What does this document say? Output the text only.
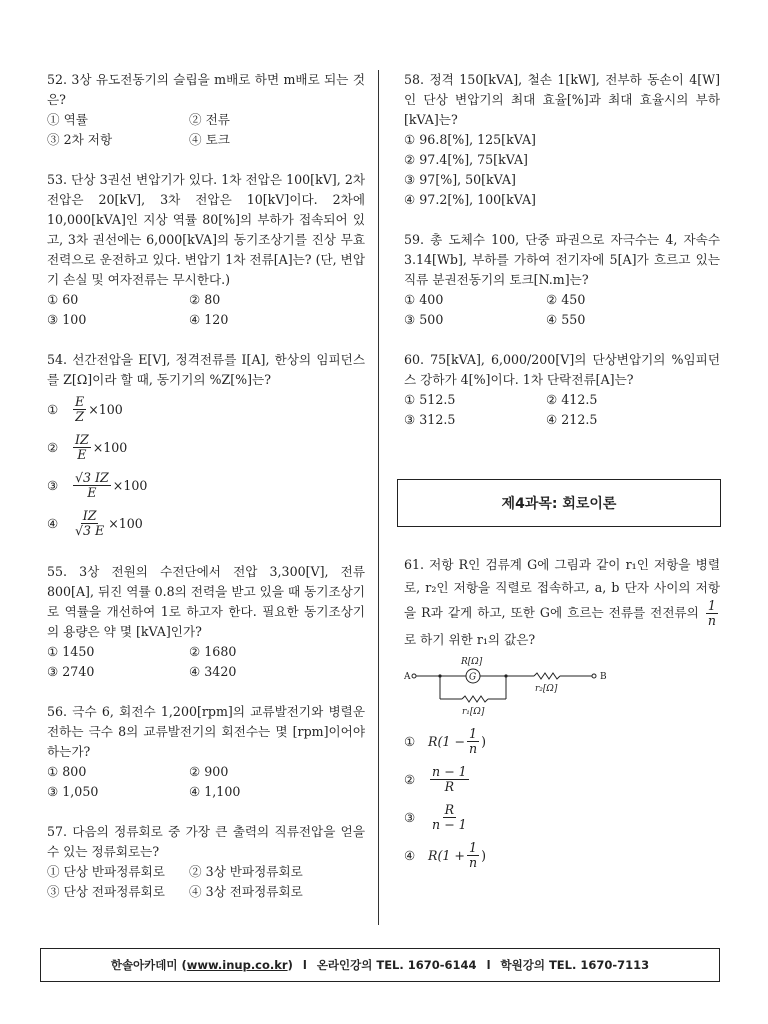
52. 3상 유도전동기의 슬립을 m배로 하면 m배로 되는 것은?

① 역률	② 전류
③ 2차 저항	④ 토크

53. 단상 3권선 변압기가 있다. 1차 전압은 100[kV], 2차 전압은 20[kV], 3차 전압은 10[kV]이다. 2차에 10,000[kVA]인 지상 역률 80[%]의 부하가 접속되어 있고, 3차 권선에는 6,000[kVA]의 동기조상기를 진상 무효전력으로 운전하고 있다. 변압기 1차 전류[A]는? (단, 변압기 손실 및 여자전류는 무시한다.)

① 60	② 80
③ 100	④ 120

54. 선간전압을 E[V], 정격전류를 I[A], 한상의 임피던스를 Z[Ω]이라 할 때, 동기기의 %Z[%]는?

①	$\frac{E}{Z} \times 100$
②	$\frac{IZ}{E} \times 100$
③	$\frac{√3 IZ}{E} \times 100$
④	$\frac{IZ}{√3 E} \times 100$

55. 3상 전원의 수전단에서 전압 3,300[V], 전류 800[A], 뒤진 역률 0.8의 전력을 받고 있을 때 동기조상기로 역률을 개선하여 1로 하고자 한다. 필요한 동기조상기의 용량은 약 몇 [kVA]인가?

① 1450	② 1680
③ 2740	④ 3420

56. 극수 6, 회전수 1,200[rpm]의 교류발전기와 병렬운전하는 극수 8의 교류발전기의 회전수는 몇 [rpm]이어야 하는가?

① 800	② 900
③ 1,050	④ 1,100

57. 다음의 정류회로 중 가장 큰 출력의 직류전압을 얻을 수 있는 정류회로는?

① 단상 반파정류회로	② 3상 반파정류회로
③ 단상 전파정류회로	④ 3상 전파정류회로

58. 정격 150[kVA], 철손 1[kW], 전부하 동손이 4[W]인 단상 변압기의 최대 효율[%]과 최대 효율시의 부하[kVA]는?

① 96.8[%], 125[kVA]
② 97.4[%], 75[kVA]
③ 97[%], 50[kVA]
④ 97.2[%], 100[kVA]

59. 총 도체수 100, 단중 파권으로 자극수는 4, 자속수 3.14[Wb], 부하를 가하여 전기자에 5[A]가 흐르고 있는 직류 분권전동기의 토크[N.m]는?

① 400	② 450
③ 500	④ 550

60. 75[kVA], 6,000/200[V]의 단상변압기의 %임피던스 강하가 4[%]이다. 1차 단락전류[A]는?

① 512.5	② 412.5
③ 312.5	④ 212.5
제4과목: 회로이론

61. 저항 R인 검류계 G에 그림과 같이 r₁인 저항을 병렬로, r₂인 저항을 직렬로 접속하고, a, b 단자 사이의 저항을 R과 같게 하고, 또한 G에 흐르는 전류를 전전류의 $\frac{1}{n}$
로 하기 위한 r₁의 값은?

A	G
R[Ω]
r₂[Ω]
B
r₁[Ω]
①	$R(1 - \frac{1}{n}$ )
②	$\frac{n - 1}{R}$
③	$\frac{R}{n - 1}$
④	$R(1 + \frac{1}{n}$ )
한솔아카데미 ( www.inup.co.kr ) l 온라인강의 TEL. 1670-6144 l 학원강의 TEL. 1670-7113
